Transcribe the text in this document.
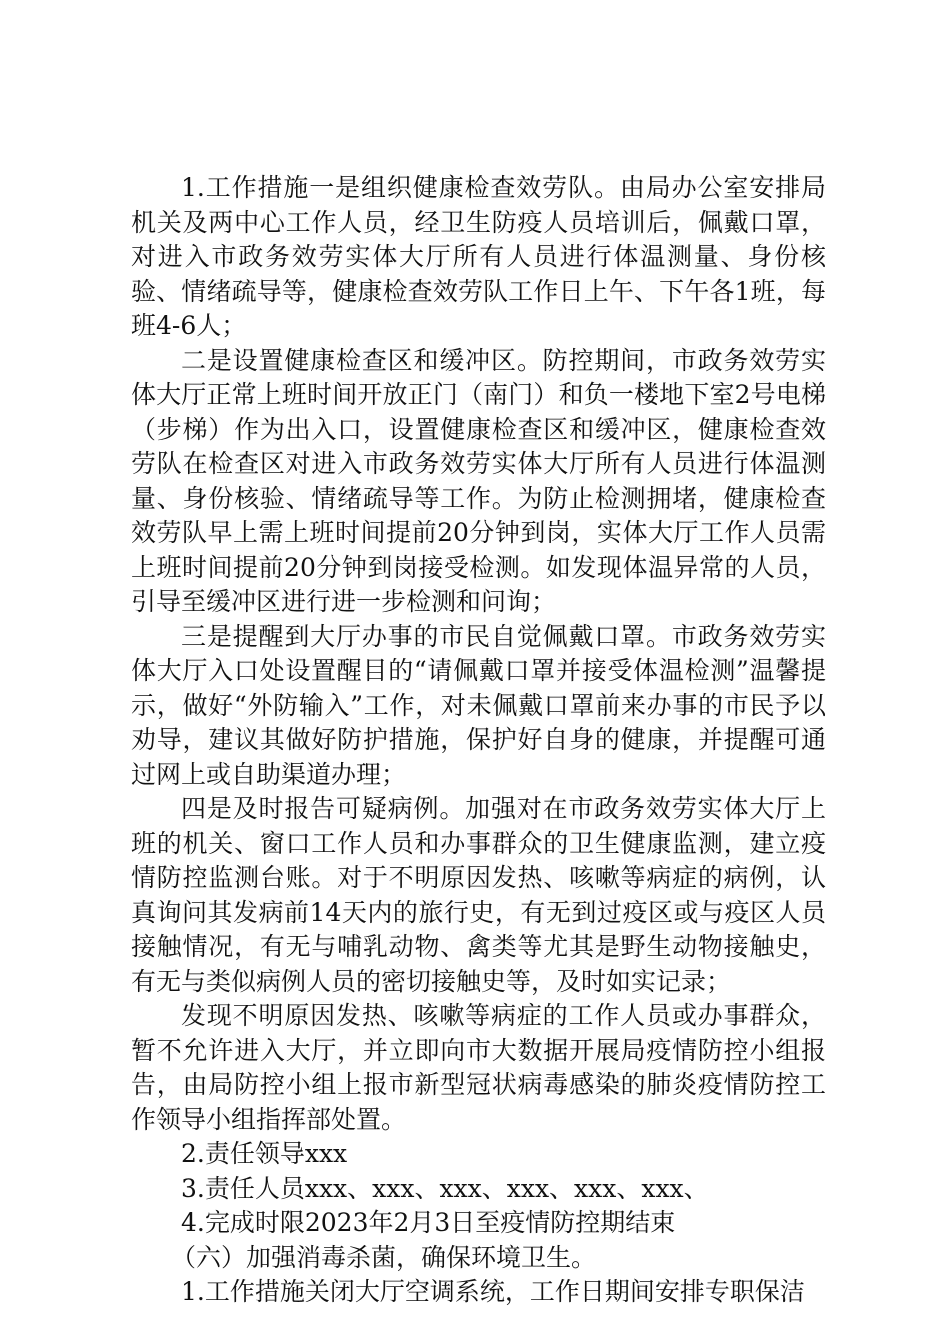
1.工作措施一是组织健康检查效劳队。由局办公室安排局机关及两中心工作人员，经卫生防疫人员培训后，佩戴口罩，对进入市政务效劳实体大厅所有人员进行体温测量、身份核验、情绪疏导等，健康检查效劳队工作日上午、下午各1班，每班4-6人；

二是设置健康检查区和缓冲区。防控期间，市政务效劳实体大厅正常上班时间开放正门（南门）和负一楼地下室2号电梯（步梯）作为出入口，设置健康检查区和缓冲区，健康检查效劳队在检查区对进入市政务效劳实体大厅所有人员进行体温测量、身份核验、情绪疏导等工作。为防止检测拥堵，健康检查效劳队早上需上班时间提前20分钟到岗，实体大厅工作人员需上班时间提前20分钟到岗接受检测。如发现体温异常的人员，引导至缓冲区进行进一步检测和问询；

三是提醒到大厅办事的市民自觉佩戴口罩。市政务效劳实体大厅入口处设置醒目的“请佩戴口罩并接受体温检测”温馨提示，做好“外防输入”工作，对未佩戴口罩前来办事的市民予以劝导，建议其做好防护措施，保护好自身的健康，并提醒可通过网上或自助渠道办理；

四是及时报告可疑病例。加强对在市政务效劳实体大厅上班的机关、窗口工作人员和办事群众的卫生健康监测，建立疫情防控监测台账。对于不明原因发热、咳嗽等病症的病例，认真询问其发病前14天内的旅行史，有无到过疫区或与疫区人员接触情况，有无与哺乳动物、禽类等尤其是野生动物接触史，有无与类似病例人员的密切接触史等，及时如实记录；

发现不明原因发热、咳嗽等病症的工作人员或办事群众，暂不允许进入大厅，并立即向市大数据开展局疫情防控小组报告，由局防控小组上报市新型冠状病毒感染的肺炎疫情防控工作领导小组指挥部处置。

2.责任领导xxx

3.责任人员xxx、xxx、xxx、xxx、xxx、xxx、

4.完成时限2023年2月3日至疫情防控期结束

（六）加强消毒杀菌，确保环境卫生。

1.工作措施关闭大厅空调系统，工作日期间安排专职保洁
